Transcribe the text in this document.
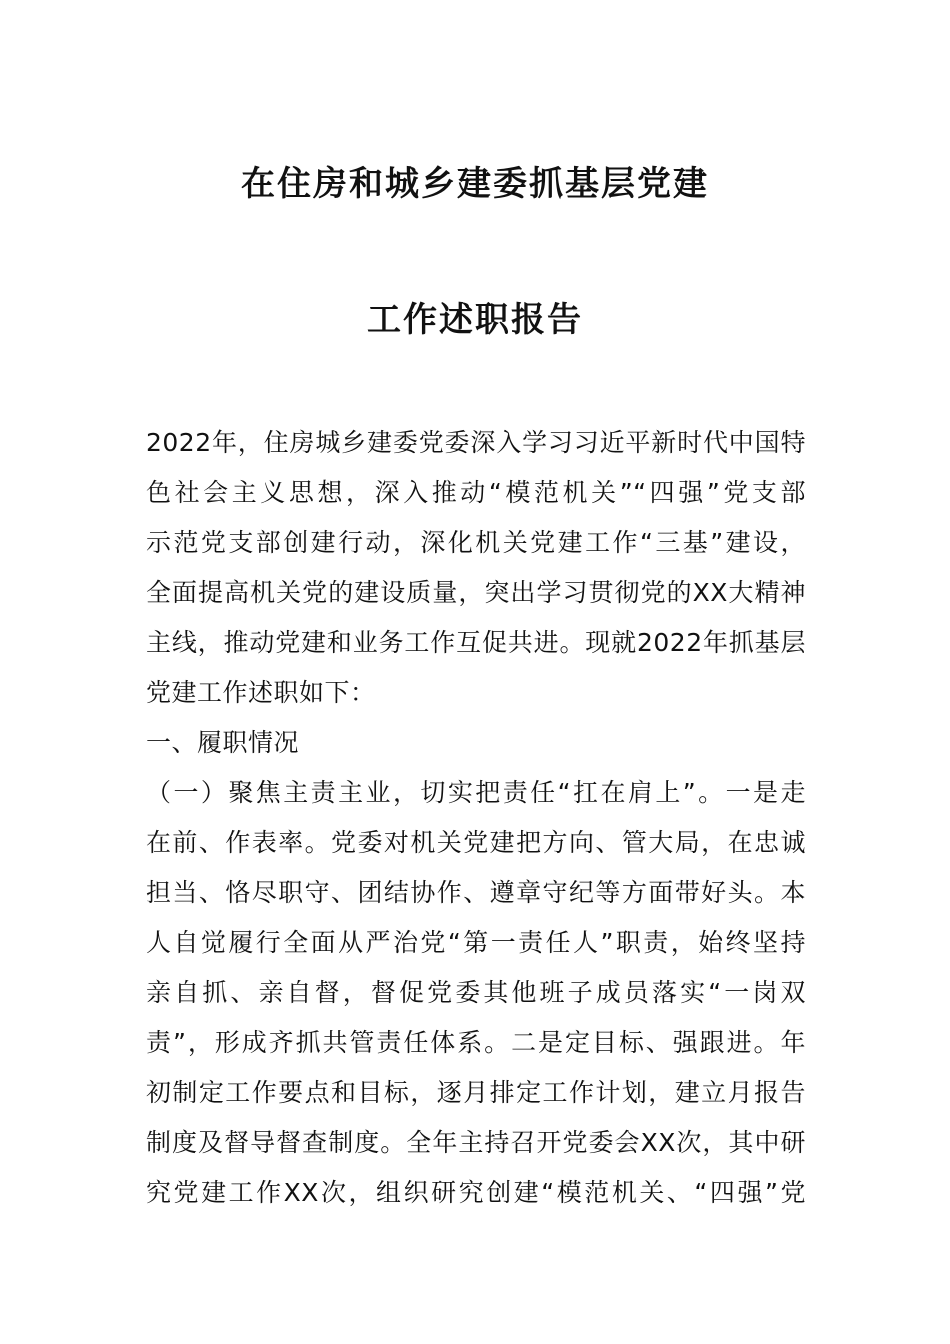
在住房和城乡建委抓基层党建
工作述职报告
2022年，住房城乡建委党委深入学习习近平新时代中国特
色社会主义思想，深入推动“模范机关”“四强”党支部
示范党支部创建行动，深化机关党建工作“三基”建设，
全面提高机关党的建设质量，突出学习贯彻党的XX大精神
主线，推动党建和业务工作互促共进。现就2022年抓基层
党建工作述职如下：
一、履职情况
（一）聚焦主责主业，切实把责任“扛在肩上”。一是走
在前、作表率。党委对机关党建把方向、管大局，在忠诚
担当、恪尽职守、团结协作、遵章守纪等方面带好头。本
人自觉履行全面从严治党“第一责任人”职责，始终坚持
亲自抓、亲自督，督促党委其他班子成员落实“一岗双
责”，形成齐抓共管责任体系。二是定目标、强跟进。年
初制定工作要点和目标，逐月排定工作计划，建立月报告
制度及督导督查制度。全年主持召开党委会XX次，其中研
究党建工作XX次，组织研究创建“模范机关、“四强”党
